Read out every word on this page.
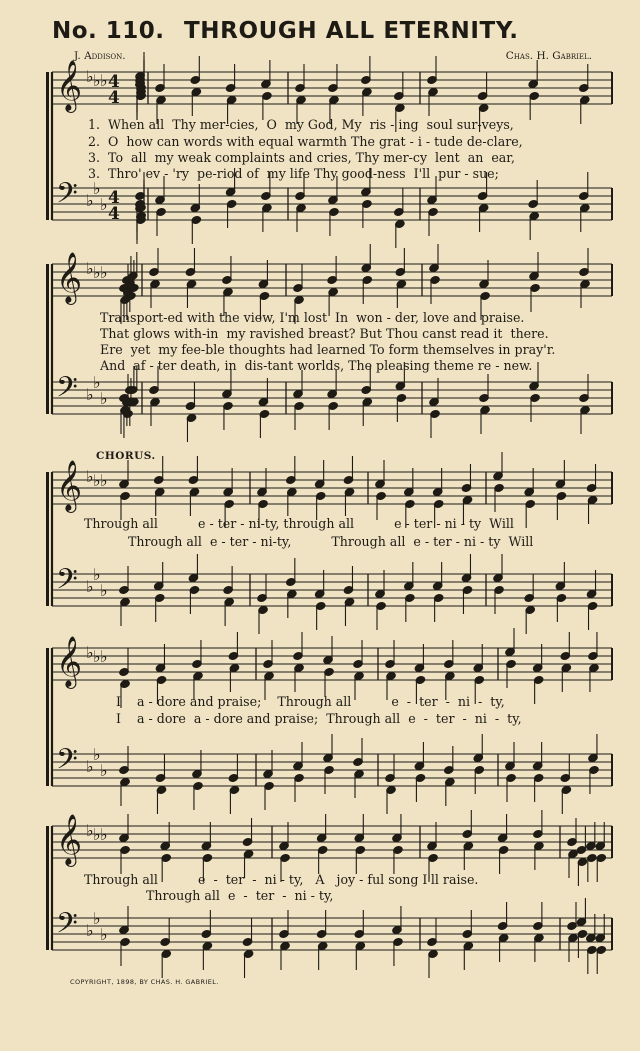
No. 110. THROUGH ALL ETERNITY.
J. Addison.	Chas. H. Gabriel.
𝄞
𝄢
♭ ♭ ♭
♭
♭
♭
4
4
4
4
𝄞
𝄢
♭ ♭ ♭
♭
♭
♭
𝄞
𝄢
♭ ♭ ♭
♭
♭
♭
𝄞
𝄢
♭ ♭ ♭
♭
♭
♭
𝄞
𝄢
♭ ♭ ♭
♭
♭
♭
1.  When all  Thy mer-cies,  O  my God, My  ris - ing  soul sur-veys,
2.  O  how can words with equal warmth The grat - i - tude de-clare,
3.  To  all  my weak complaints and cries, Thy mer-cy  lent  an  ear,
3.  Thro' ev - 'ry  pe-riod of  my life Thy good-ness  I'll  pur - sue;
Transport-ed with the view, I'm lost  In  won - der, love and praise.
That glows with-in  my ravished breast? But Thou canst read it  there.
Ere  yet  my fee-ble thoughts had learned To form themselves in pray'r.
And  af - ter death, in  dis-tant worlds, The pleasing theme re - new.
CHORUS.
Through all          e - ter - ni-ty, through all          e - ter - ni - ty  Will
Through all  e - ter - ni-ty,          Through all  e - ter - ni - ty  Will
I    a - dore and praise;    Through all          e  -  ter  -  ni  -  ty,
I    a - dore  a - dore and praise;  Through all  e  -  ter  -  ni  -  ty,
Through all          e  -  ter  -  ni - ty,   A   joy - ful song I'll raise.
Through all  e  -  ter  -  ni - ty,
COPYRIGHT, 1898, BY CHAS. H. GABRIEL.
